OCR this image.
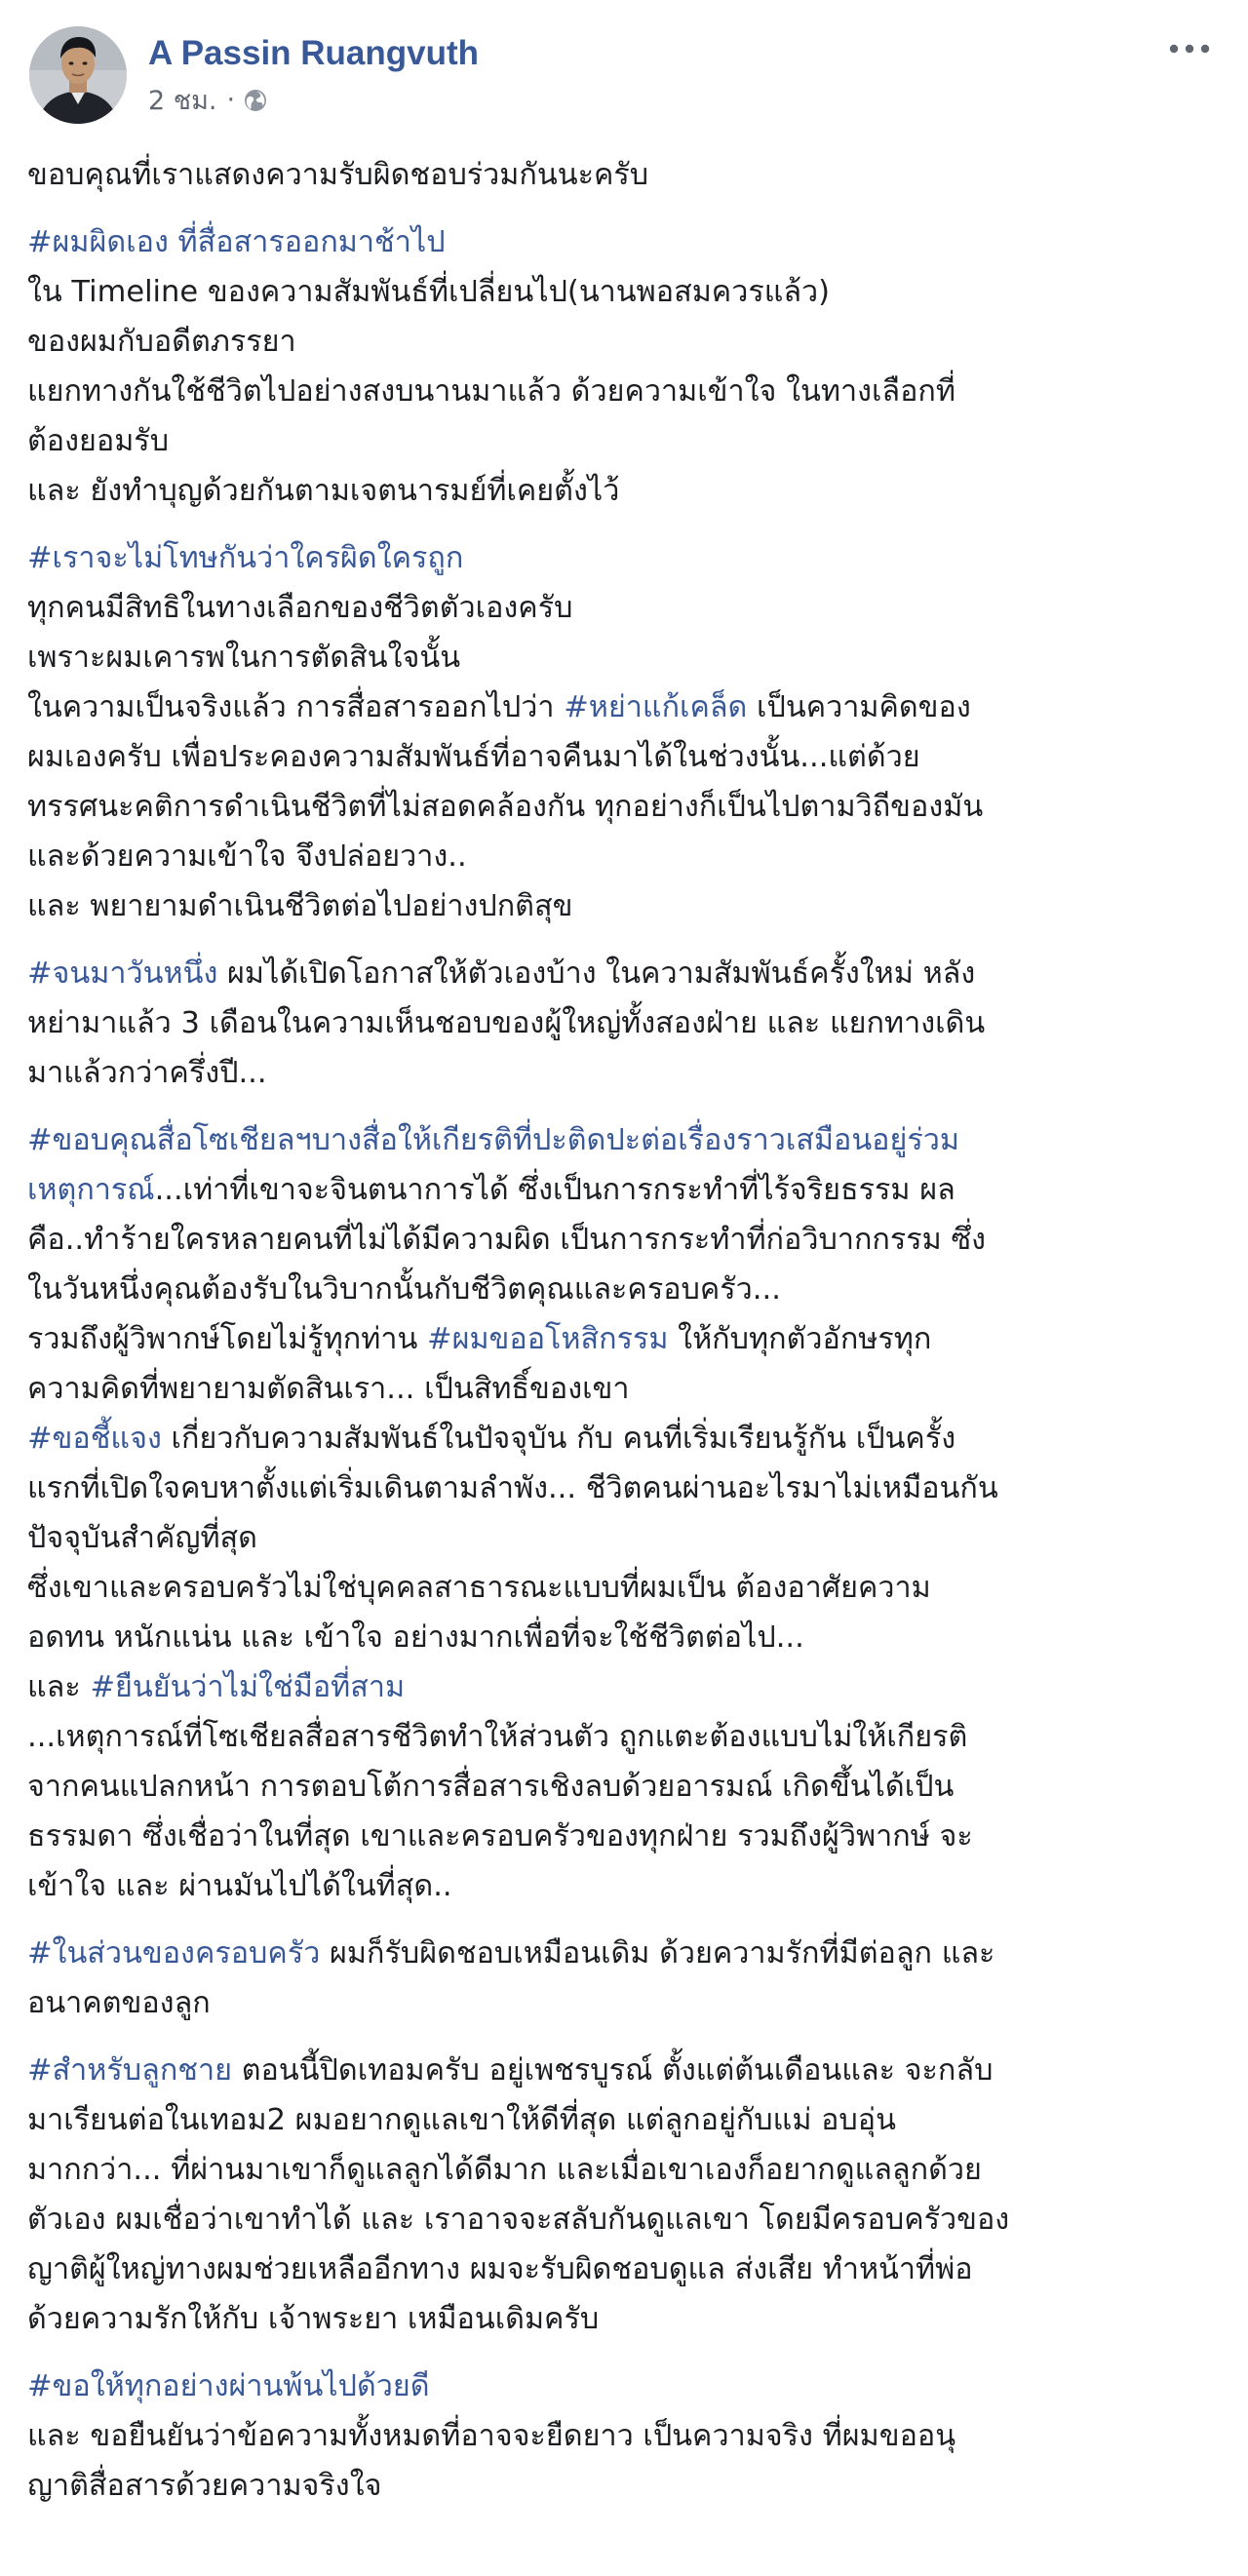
A Passin Ruangvuth
2 ชม. ·
ขอบคุณที่เราแสดงความรับผิดชอบร่วมกันนะครับ
#ผมผิดเอง ที่สื่อสารออกมาช้าไป
ใน Timeline ของความสัมพันธ์ที่เปลี่ยนไป(นานพอสมควรแล้ว)
ของผมกับอดีตภรรยา
แยกทางกันใช้ชีวิตไปอย่างสงบนานมาแล้ว ด้วยความเข้าใจ ในทางเลือกที่
ต้องยอมรับ
และ ยังทำบุญด้วยกันตามเจตนารมย์ที่เคยตั้งไว้
#เราจะไม่โทษกันว่าใครผิดใครถูก
ทุกคนมีสิทธิในทางเลือกของชีวิตตัวเองครับ
เพราะผมเคารพในการตัดสินใจนั้น
ในความเป็นจริงแล้ว การสื่อสารออกไปว่า #หย่าแก้เคล็ด เป็นความคิดของ
ผมเองครับ เพื่อประคองความสัมพันธ์ที่อาจคืนมาได้ในช่วงนั้น...แต่ด้วย
ทรรศนะคติการดำเนินชีวิตที่ไม่สอดคล้องกัน ทุกอย่างก็เป็นไปตามวิถีของมัน
และด้วยความเข้าใจ จึงปล่อยวาง..
และ พยายามดำเนินชีวิตต่อไปอย่างปกติสุข
#จนมาวันหนึ่ง ผมได้เปิดโอกาสให้ตัวเองบ้าง ในความสัมพันธ์ครั้งใหม่ หลัง
หย่ามาแล้ว 3 เดือนในความเห็นชอบของผู้ใหญ่ทั้งสองฝ่าย และ แยกทางเดิน
มาแล้วกว่าครึ่งปี...
#ขอบคุณสื่อโซเชียลฯบางสื่อให้เกียรติที่ปะติดปะต่อเรื่องราวเสมือนอยู่ร่วม
เหตุการณ์...เท่าที่เขาจะจินตนาการได้ ซึ่งเป็นการกระทำที่ไร้จริยธรรม ผล
คือ..ทำร้ายใครหลายคนที่ไม่ได้มีความผิด เป็นการกระทำที่ก่อวิบากกรรม ซึ่ง
ในวันหนึ่งคุณต้องรับในวิบากนั้นกับชีวิตคุณและครอบครัว...
รวมถึงผู้วิพากษ์โดยไม่รู้ทุกท่าน #ผมขออโหสิกรรม ให้กับทุกตัวอักษรทุก
ความคิดที่พยายามตัดสินเรา... เป็นสิทธิ์ของเขา
#ขอชี้แจง เกี่ยวกับความสัมพันธ์ในปัจจุบัน กับ คนที่เริ่มเรียนรู้กัน เป็นครั้ง
แรกที่เปิดใจคบหาตั้งแต่เริ่มเดินตามลำพัง... ชีวิตคนผ่านอะไรมาไม่เหมือนกัน
ปัจจุบันสำคัญที่สุด
ซึ่งเขาและครอบครัวไม่ใช่บุคคลสาธารณะแบบที่ผมเป็น ต้องอาศัยความ
อดทน หนักแน่น และ เข้าใจ อย่างมากเพื่อที่จะใช้ชีวิตต่อไป...
และ #ยืนยันว่าไม่ใช่มือที่สาม
...เหตุการณ์ที่โซเชียลสื่อสารชีวิตทำให้ส่วนตัว ถูกแตะต้องแบบไม่ให้เกียรติ
จากคนแปลกหน้า การตอบโต้การสื่อสารเชิงลบด้วยอารมณ์ เกิดขึ้นได้เป็น
ธรรมดา ซึ่งเชื่อว่าในที่สุด เขาและครอบครัวของทุกฝ่าย รวมถึงผู้วิพากษ์ จะ
เข้าใจ และ ผ่านมันไปได้ในที่สุด..
#ในส่วนของครอบครัว ผมก็รับผิดชอบเหมือนเดิม ด้วยความรักที่มีต่อลูก และ
อนาคตของลูก
#สำหรับลูกชาย ตอนนี้ปิดเทอมครับ อยู่เพชรบูรณ์ ตั้งแต่ต้นเดือนและ จะกลับ
มาเรียนต่อในเทอม2 ผมอยากดูแลเขาให้ดีที่สุด แต่ลูกอยู่กับแม่ อบอุ่น
มากกว่า... ที่ผ่านมาเขาก็ดูแลลูกได้ดีมาก และเมื่อเขาเองก็อยากดูแลลูกด้วย
ตัวเอง ผมเชื่อว่าเขาทำได้ และ เราอาจจะสลับกันดูแลเขา โดยมีครอบครัวของ
ญาติผู้ใหญ่ทางผมช่วยเหลืออีกทาง ผมจะรับผิดชอบดูแล ส่งเสีย ทำหน้าที่พ่อ
ด้วยความรักให้กับ เจ้าพระยา เหมือนเดิมครับ
#ขอให้ทุกอย่างผ่านพ้นไปด้วยดี
และ ขอยืนยันว่าข้อความทั้งหมดที่อาจจะยืดยาว เป็นความจริง ที่ผมขออนุ
ญาติสื่อสารด้วยความจริงใจ
